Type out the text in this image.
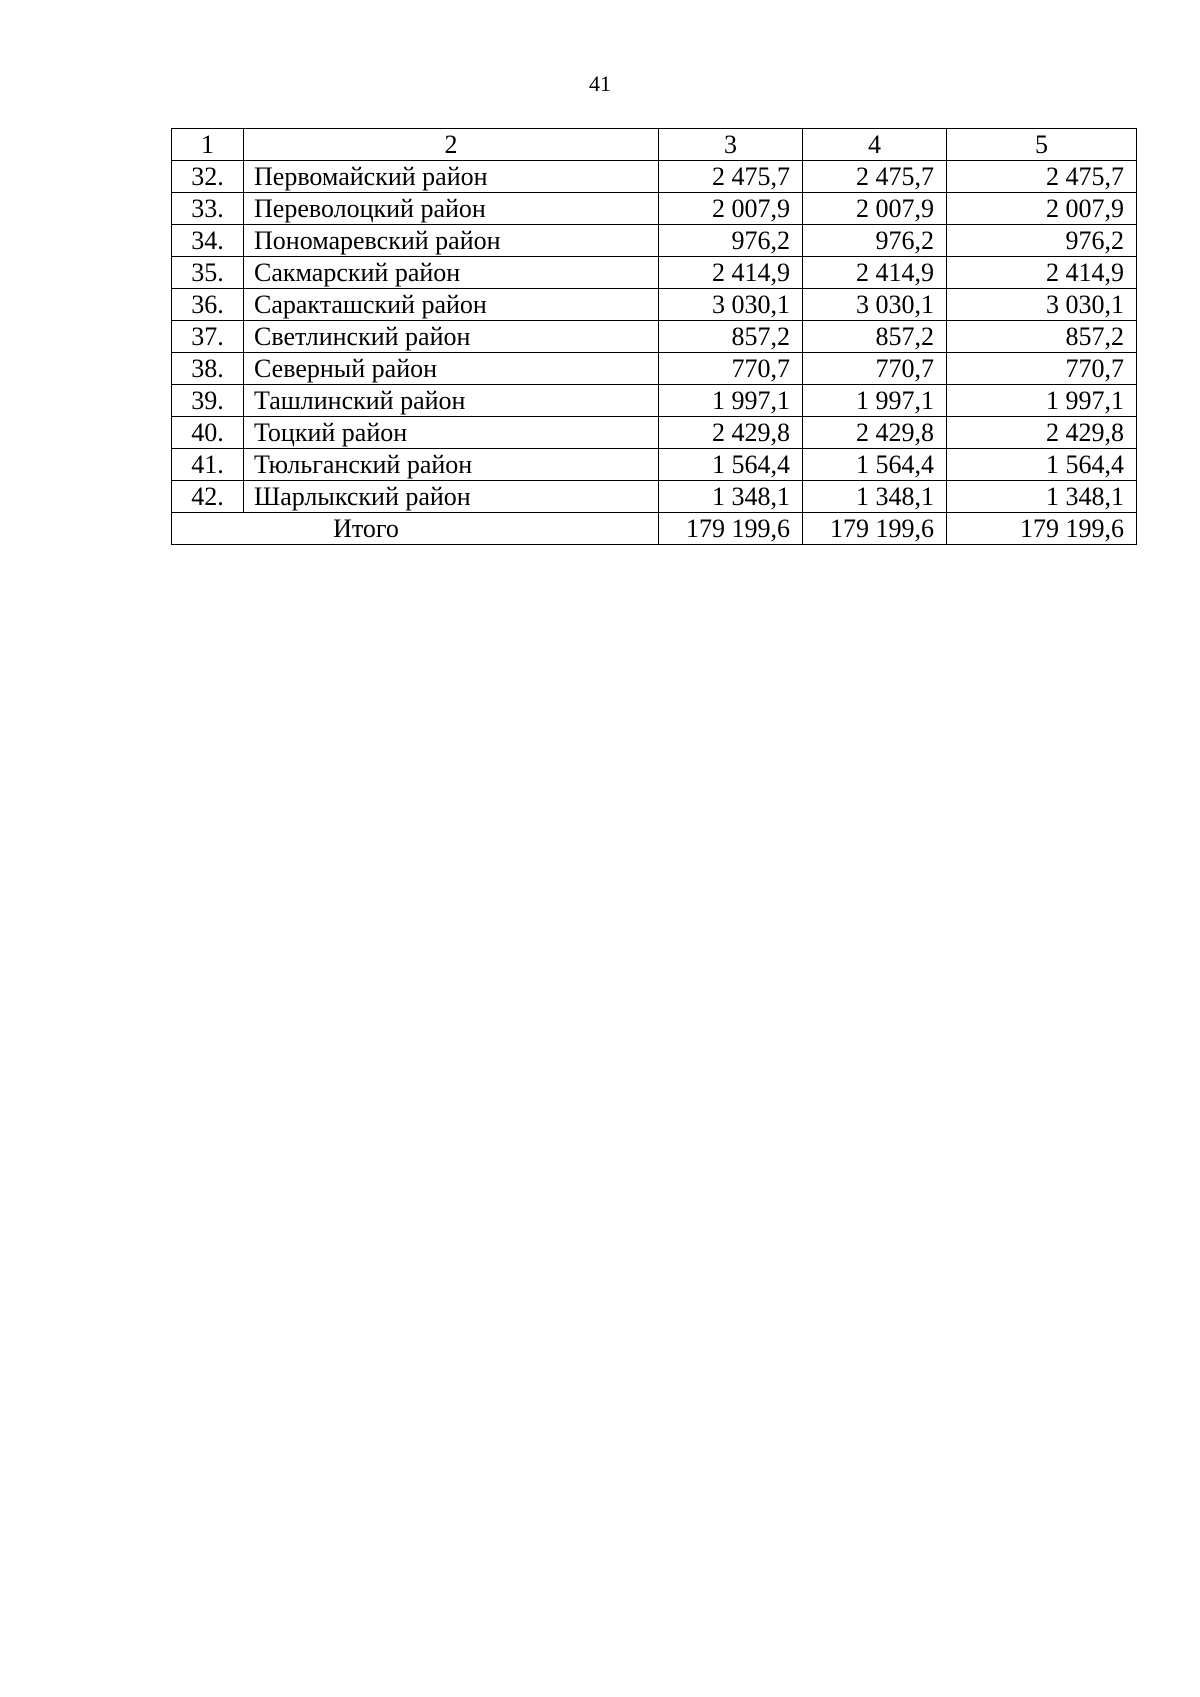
41
1	2	3	4	5
32.	Первомайский район	2 475,7	2 475,7	2 475,7
33.	Переволоцкий район	2 007,9	2 007,9	2 007,9
34.	Пономаревский район	976,2	976,2	976,2
35.	Сакмарский район	2 414,9	2 414,9	2 414,9
36.	Саракташский район	3 030,1	3 030,1	3 030,1
37.	Светлинский район	857,2	857,2	857,2
38.	Северный район	770,7	770,7	770,7
39.	Ташлинский район	1 997,1	1 997,1	1 997,1
40.	Тоцкий район	2 429,8	2 429,8	2 429,8
41.	Тюльганский район	1 564,4	1 564,4	1 564,4
42.	Шарлыкский район	1 348,1	1 348,1	1 348,1
Итого		179 199,6	179 199,6	179 199,6
